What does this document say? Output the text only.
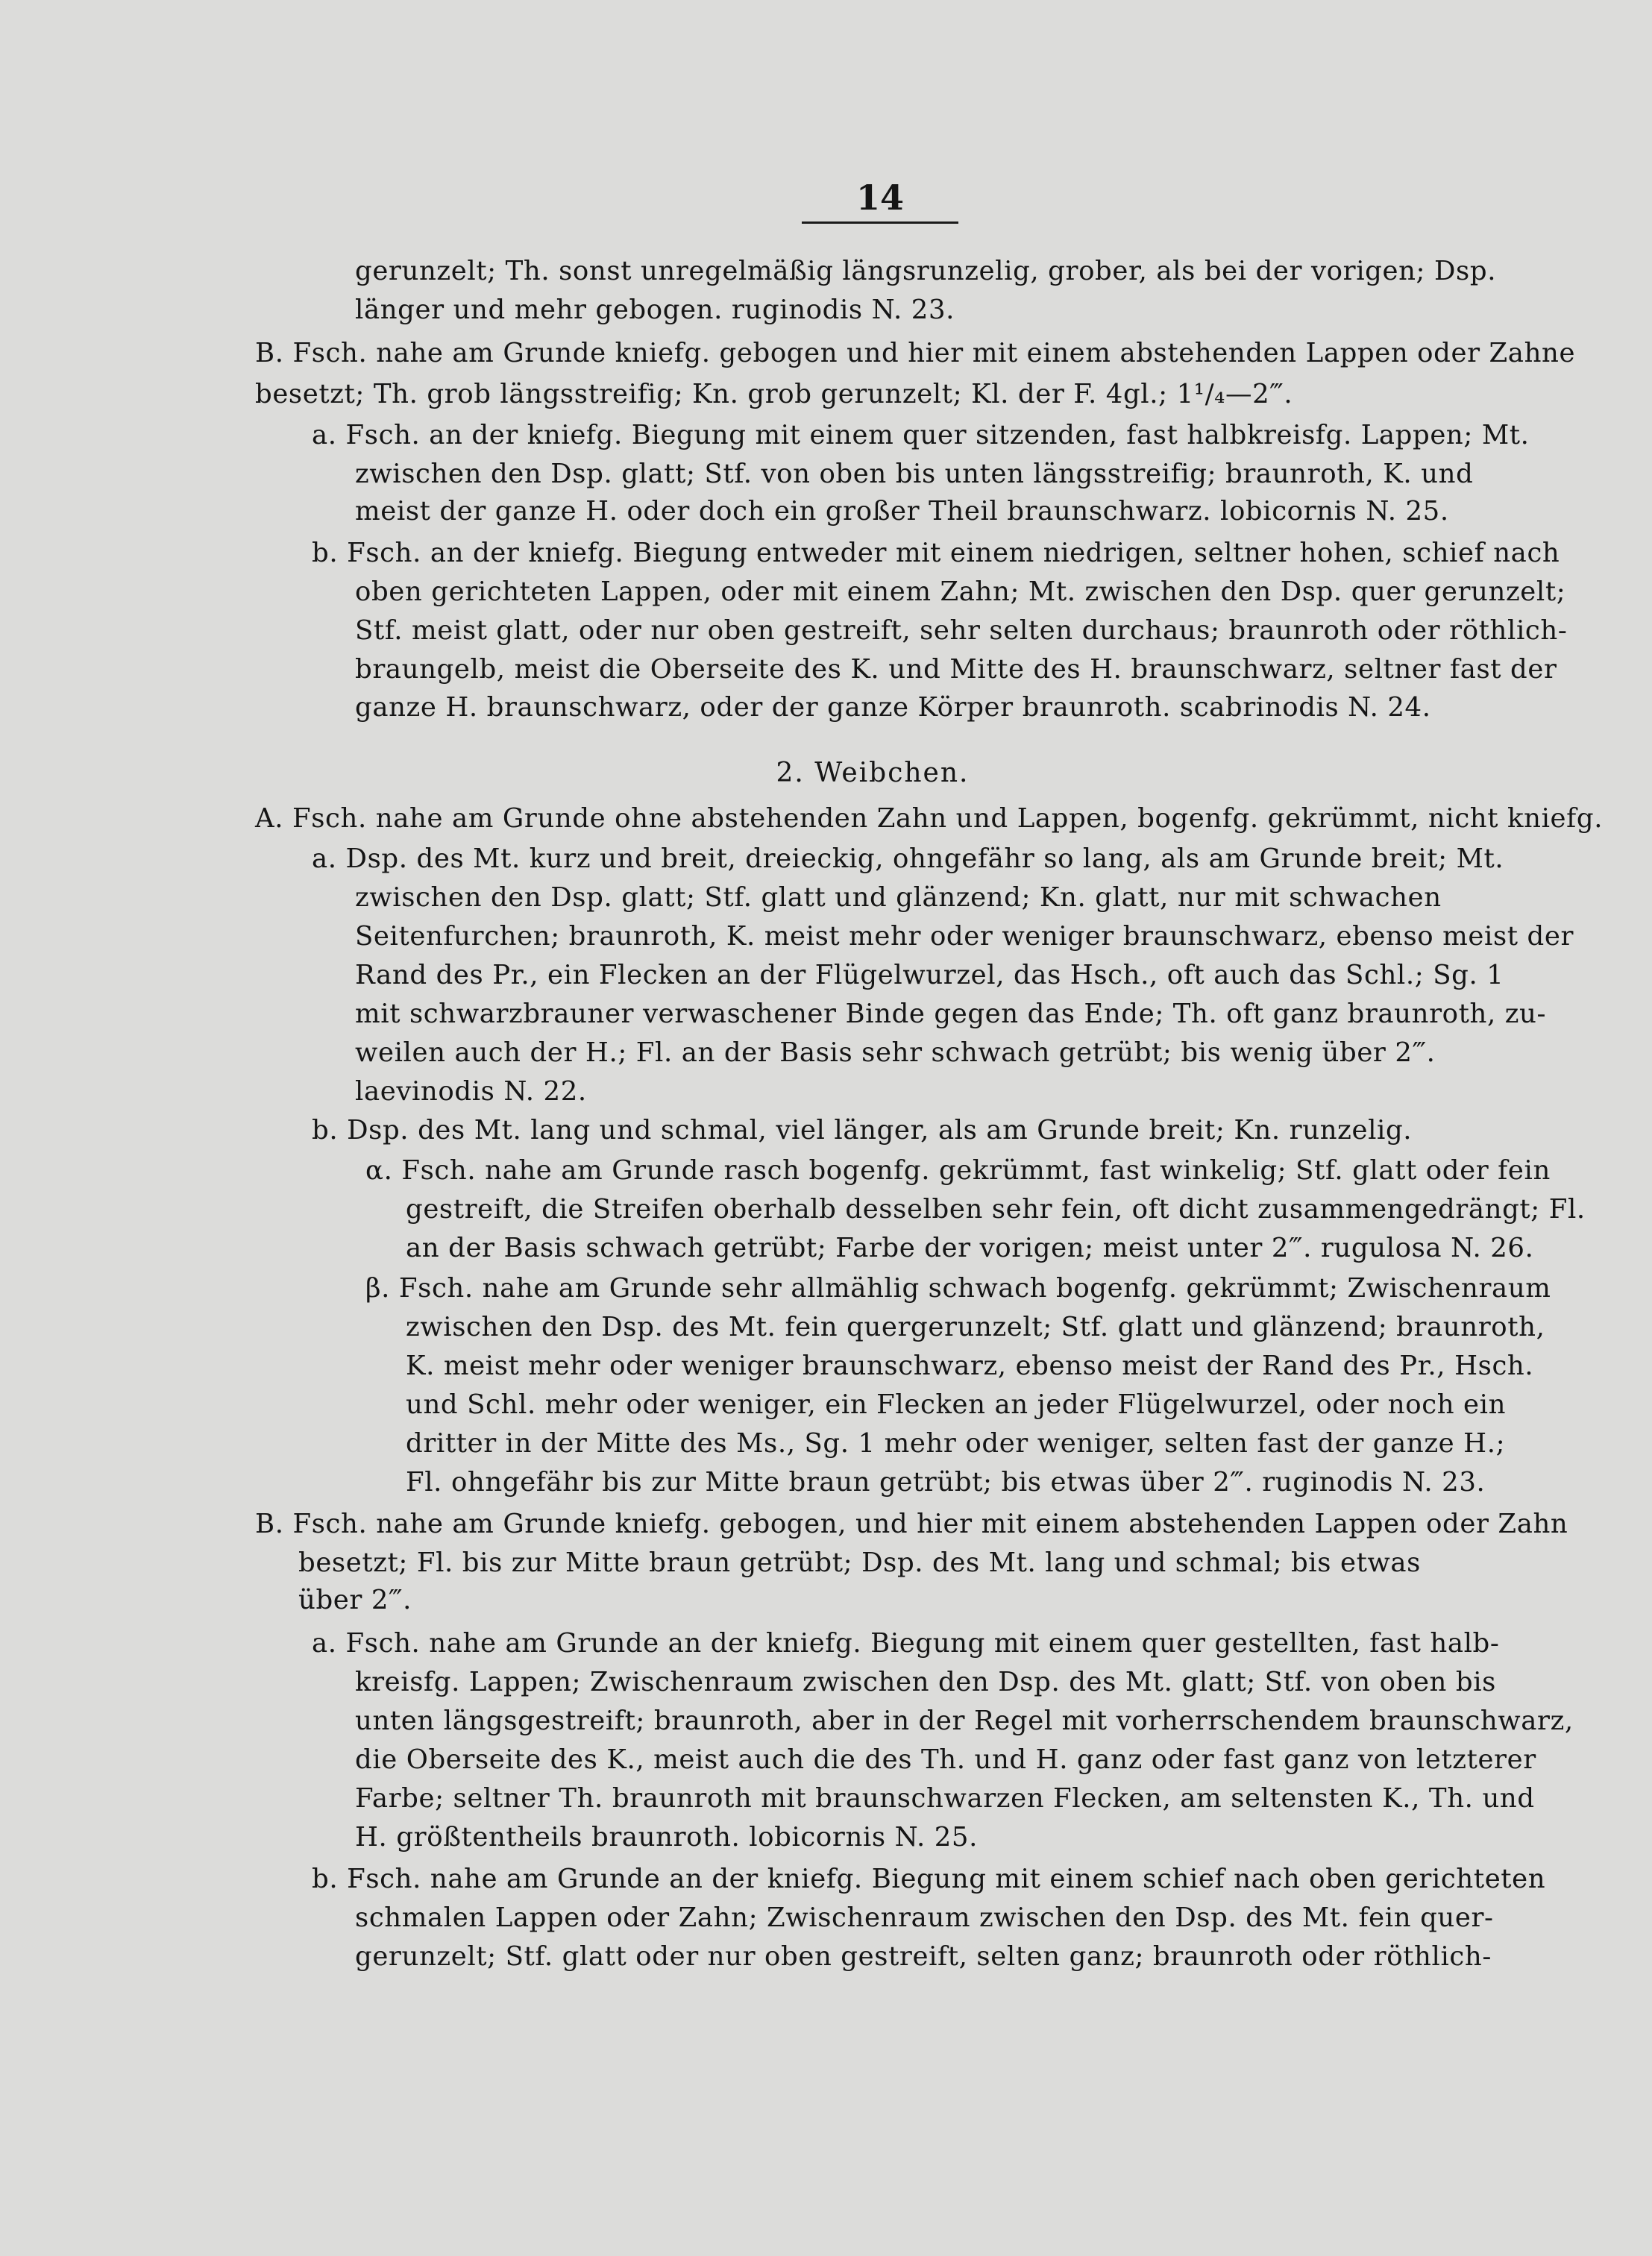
14
gerunzelt; Th. sonst unregelmäßig längsrunzelig, grober, als bei der vorigen; Dsp.
länger und mehr gebogen. ruginodis N. 23.
B. Fsch. nahe am Grunde kniefg. gebogen und hier mit einem abstehenden Lappen oder Zahne
besetzt; Th. grob längsstreifig; Kn. grob gerunzelt; Kl. der F. 4gl.; 1¹/₄—2‴.
a. Fsch. an der kniefg. Biegung mit einem quer sitzenden, fast halbkreisfg. Lappen; Mt.
zwischen den Dsp. glatt; Stf. von oben bis unten längsstreifig; braunroth, K. und
meist der ganze H. oder doch ein großer Theil braunschwarz. lobicornis N. 25.
b. Fsch. an der kniefg. Biegung entweder mit einem niedrigen, seltner hohen, schief nach
oben gerichteten Lappen, oder mit einem Zahn; Mt. zwischen den Dsp. quer gerunzelt;
Stf. meist glatt, oder nur oben gestreift, sehr selten durchaus; braunroth oder röthlich-
braungelb, meist die Oberseite des K. und Mitte des H. braunschwarz, seltner fast der
ganze H. braunschwarz, oder der ganze Körper braunroth. scabrinodis N. 24.
2. Weibchen.
A. Fsch. nahe am Grunde ohne abstehenden Zahn und Lappen, bogenfg. gekrümmt, nicht kniefg.
a. Dsp. des Mt. kurz und breit, dreieckig, ohngefähr so lang, als am Grunde breit; Mt.
zwischen den Dsp. glatt; Stf. glatt und glänzend; Kn. glatt, nur mit schwachen
Seitenfurchen; braunroth, K. meist mehr oder weniger braunschwarz, ebenso meist der
Rand des Pr., ein Flecken an der Flügelwurzel, das Hsch., oft auch das Schl.; Sg. 1
mit schwarzbrauner verwaschener Binde gegen das Ende; Th. oft ganz braunroth, zu-
weilen auch der H.; Fl. an der Basis sehr schwach getrübt; bis wenig über 2‴.
laevinodis N. 22.
b. Dsp. des Mt. lang und schmal, viel länger, als am Grunde breit; Kn. runzelig.
α. Fsch. nahe am Grunde rasch bogenfg. gekrümmt, fast winkelig; Stf. glatt oder fein
gestreift, die Streifen oberhalb desselben sehr fein, oft dicht zusammengedrängt; Fl.
an der Basis schwach getrübt; Farbe der vorigen; meist unter 2‴. rugulosa N. 26.
β. Fsch. nahe am Grunde sehr allmählig schwach bogenfg. gekrümmt; Zwischenraum
zwischen den Dsp. des Mt. fein quergerunzelt; Stf. glatt und glänzend; braunroth,
K. meist mehr oder weniger braunschwarz, ebenso meist der Rand des Pr., Hsch.
und Schl. mehr oder weniger, ein Flecken an jeder Flügelwurzel, oder noch ein
dritter in der Mitte des Ms., Sg. 1 mehr oder weniger, selten fast der ganze H.;
Fl. ohngefähr bis zur Mitte braun getrübt; bis etwas über 2‴. ruginodis N. 23.
B. Fsch. nahe am Grunde kniefg. gebogen, und hier mit einem abstehenden Lappen oder Zahn
besetzt; Fl. bis zur Mitte braun getrübt; Dsp. des Mt. lang und schmal; bis etwas
über 2‴.
a. Fsch. nahe am Grunde an der kniefg. Biegung mit einem quer gestellten, fast halb-
kreisfg. Lappen; Zwischenraum zwischen den Dsp. des Mt. glatt; Stf. von oben bis
unten längsgestreift; braunroth, aber in der Regel mit vorherrschendem braunschwarz,
die Oberseite des K., meist auch die des Th. und H. ganz oder fast ganz von letzterer
Farbe; seltner Th. braunroth mit braunschwarzen Flecken, am seltensten K., Th. und
H. größtentheils braunroth. lobicornis N. 25.
b. Fsch. nahe am Grunde an der kniefg. Biegung mit einem schief nach oben gerichteten
schmalen Lappen oder Zahn; Zwischenraum zwischen den Dsp. des Mt. fein quer-
gerunzelt; Stf. glatt oder nur oben gestreift, selten ganz; braunroth oder röthlich-
